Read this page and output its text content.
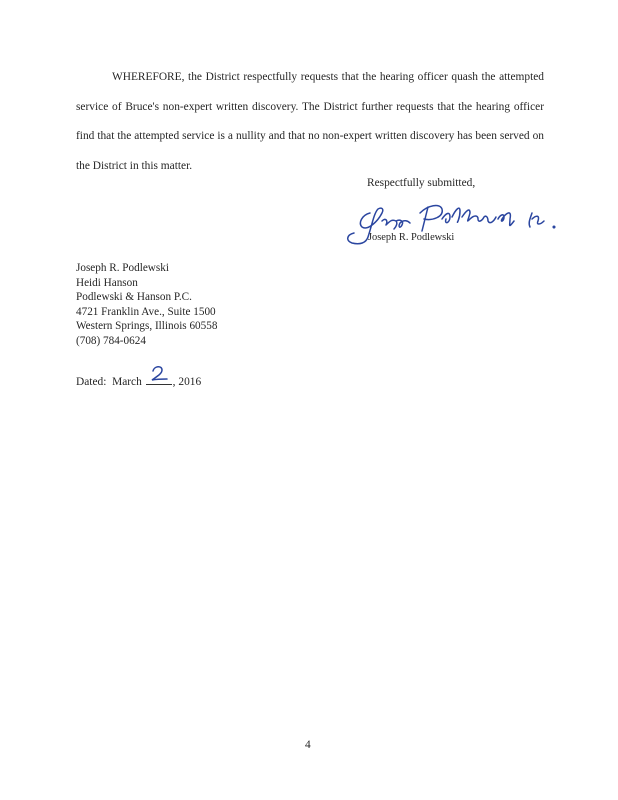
WHEREFORE, the District respectfully requests that the hearing officer quash the attempted service of Bruce's non-expert written discovery. The District further requests that the hearing officer find that the attempted service is a nullity and that no non-expert written discovery has been served on the District in this matter.

Respectfully submitted,
Joseph R. Podlewski
Joseph R. Podlewski
Heidi Hanson
Podlewski & Hanson P.C.
4721 Franklin Ave., Suite 1500
Western Springs, Illinois 60558
(708) 784-0624
Dated: March	, 2016
4
